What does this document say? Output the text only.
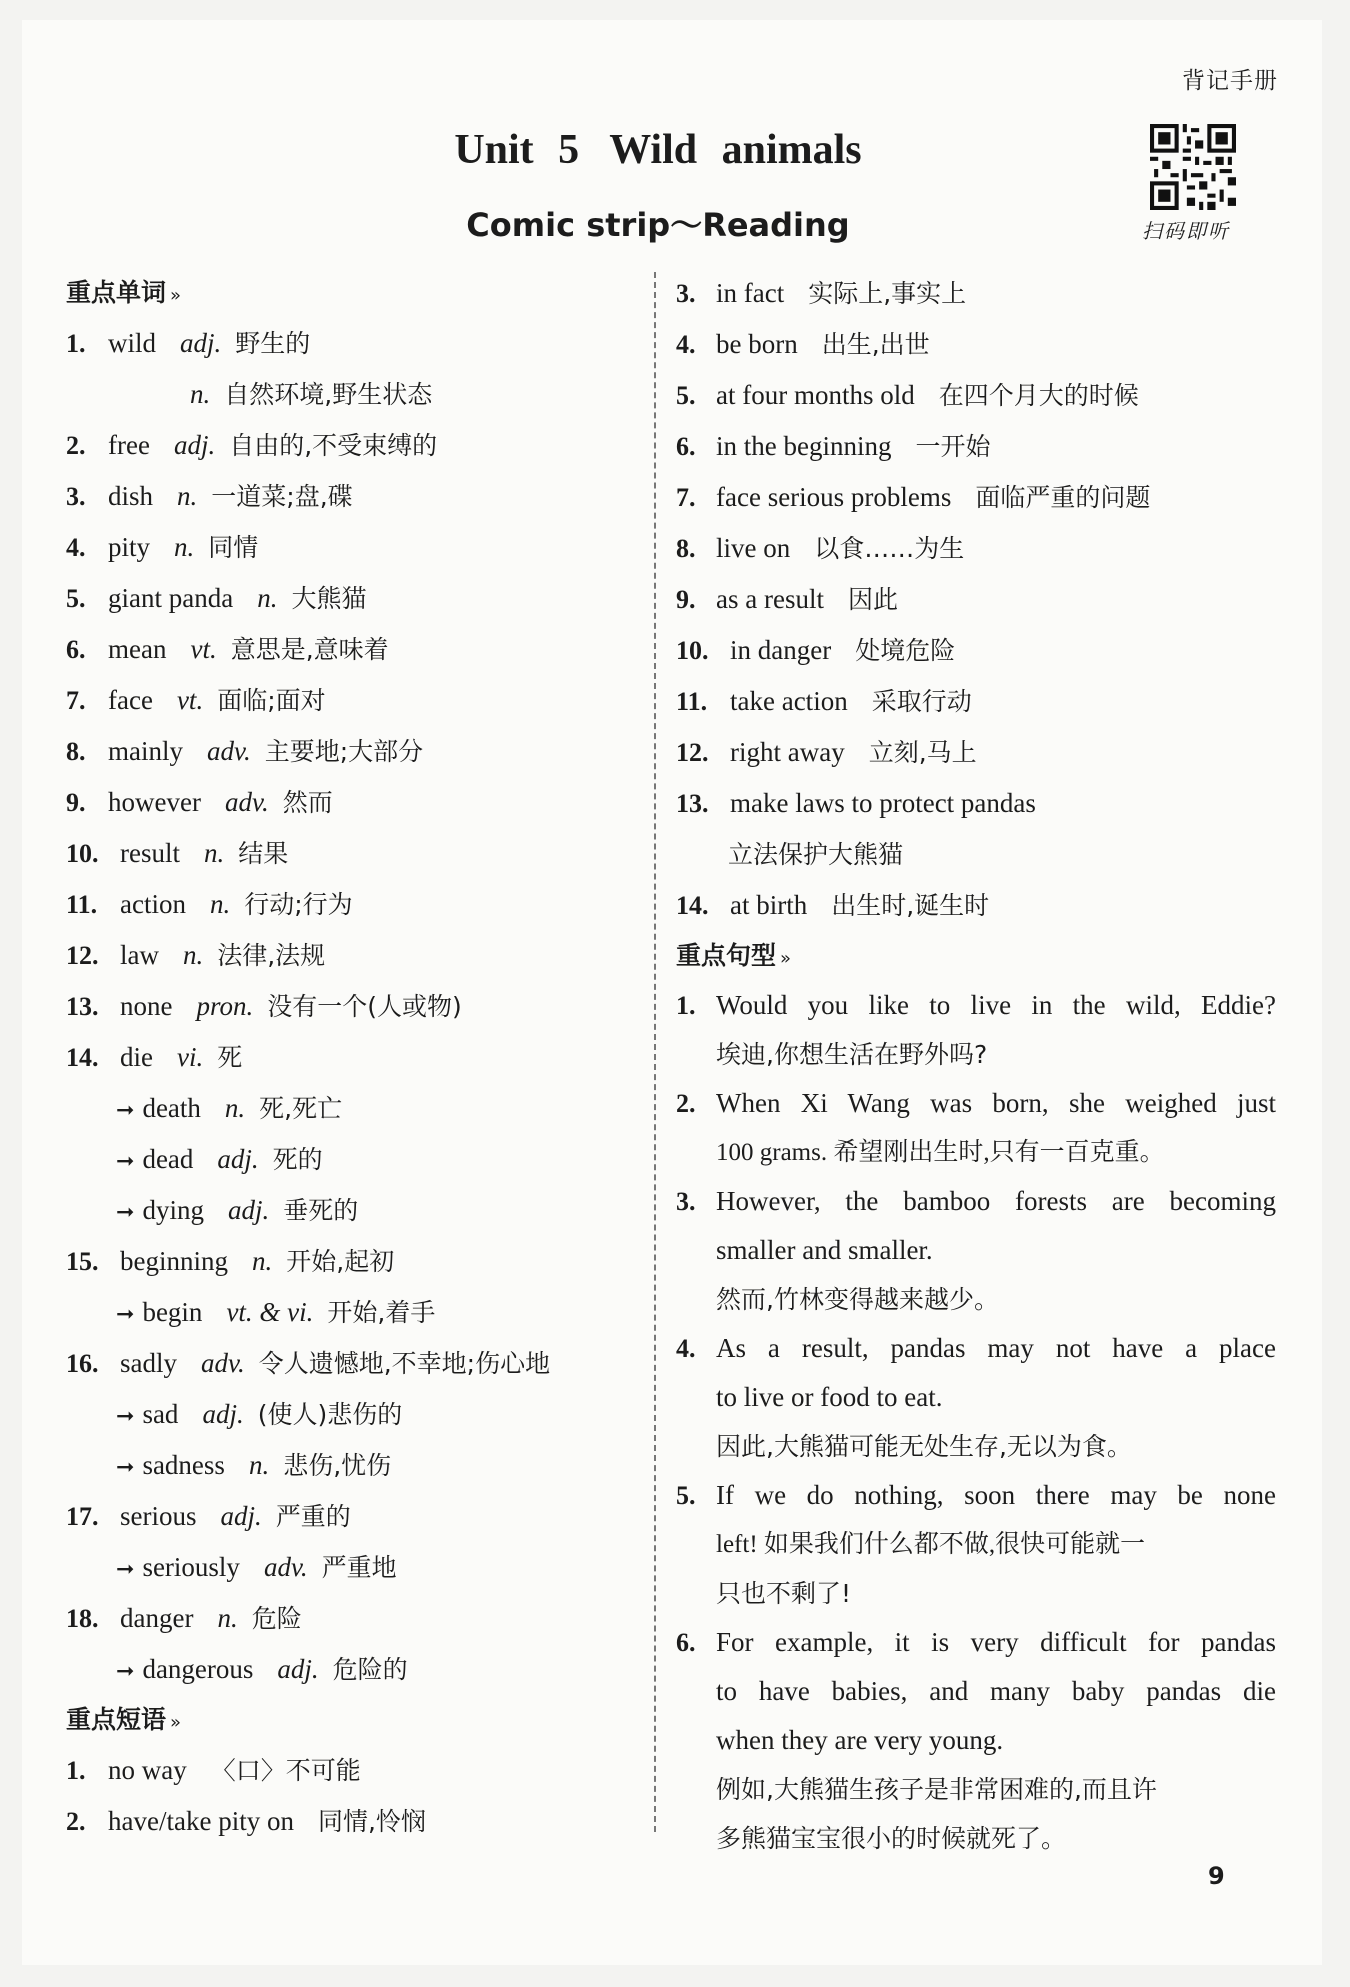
背记手册
扫码即听
Unit 5 Wild animals
Comic strip～Reading
重点单词 »
1. wild adj. 野生的
n. 自然环境,野生状态
2. free adj. 自由的,不受束缚的
3. dish n. 一道菜;盘,碟
4. pity n. 同情
5. giant panda n. 大熊猫
6. mean vt. 意思是,意味着
7. face vt. 面临;面对
8. mainly adv. 主要地;大部分
9. however adv. 然而
10. result n. 结果
11. action n. 行动;行为
12. law n. 法律,法规
13. none pron. 没有一个(人或物)
14. die vi. 死
➞ death n. 死,死亡
➞ dead adj. 死的
➞ dying adj. 垂死的
15. beginning n. 开始,起初
➞ begin vt. & vi. 开始,着手
16. sadly adv. 令人遗憾地,不幸地;伤心地
➞ sad adj. (使人)悲伤的
➞ sadness n. 悲伤,忧伤
17. serious adj. 严重的
➞ seriously adv. 严重地
18. danger n. 危险
➞ dangerous adj. 危险的
重点短语 »
1. no way 〈口〉不可能
2. have/take pity on 同情,怜悯
3. in fact 实际上,事实上
4. be born 出生,出世
5. at four months old 在四个月大的时候
6. in the beginning 一开始
7. face serious problems 面临严重的问题
8. live on 以食……为生
9. as a result 因此
10. in danger 处境危险
11. take action 采取行动
12. right away 立刻,马上
13. make laws to protect pandas
立法保护大熊猫
14. at birth 出生时,诞生时
重点句型 »
1. Would you like to live in the wild, Eddie?
埃迪,你想生活在野外吗?
2. When Xi Wang was born, she weighed just
100 grams. 希望刚出生时,只有一百克重。
3. However, the bamboo forests are becoming
smaller and smaller.
然而,竹林变得越来越少。
4. As a result, pandas may not have a place
to live or food to eat.
因此,大熊猫可能无处生存,无以为食。
5. If we do nothing, soon there may be none
left! 如果我们什么都不做,很快可能就一
只也不剩了!
6. For example, it is very difficult for pandas
to have babies, and many baby pandas die
when they are very young.
例如,大熊猫生孩子是非常困难的,而且许
多熊猫宝宝很小的时候就死了。
9
